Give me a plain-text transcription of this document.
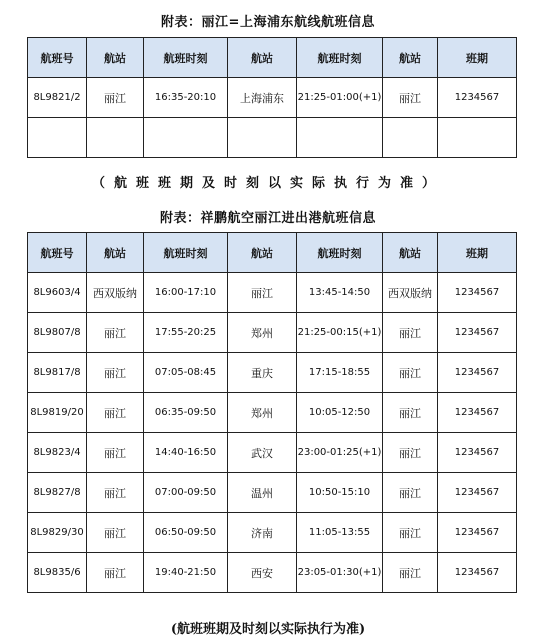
附表：丽江=上海浦东航线航班信息
航班号	航站	航班时刻	航站	航班时刻	航站	班期
8L9821/2	丽江	16:35-20:10	上海浦东	21:25-01:00(+1)	丽江	1234567

（航班班期及时刻以实际执行为准）
附表：祥鹏航空丽江进出港航班信息
航班号	航站	航班时刻	航站	航班时刻	航站	班期
8L9603/4	西双版纳	16:00-17:10	丽江	13:45-14:50	西双版纳	1234567
8L9807/8	丽江	17:55-20:25	郑州	21:25-00:15(+1)	丽江	1234567
8L9817/8	丽江	07:05-08:45	重庆	17:15-18:55	丽江	1234567
8L9819/20	丽江	06:35-09:50	郑州	10:05-12:50	丽江	1234567
8L9823/4	丽江	14:40-16:50	武汉	23:00-01:25(+1)	丽江	1234567
8L9827/8	丽江	07:00-09:50	温州	10:50-15:10	丽江	1234567
8L9829/30	丽江	06:50-09:50	济南	11:05-13:55	丽江	1234567
8L9835/6	丽江	19:40-21:50	西安	23:05-01:30(+1)	丽江	1234567
(航班班期及时刻以实际执行为准)
